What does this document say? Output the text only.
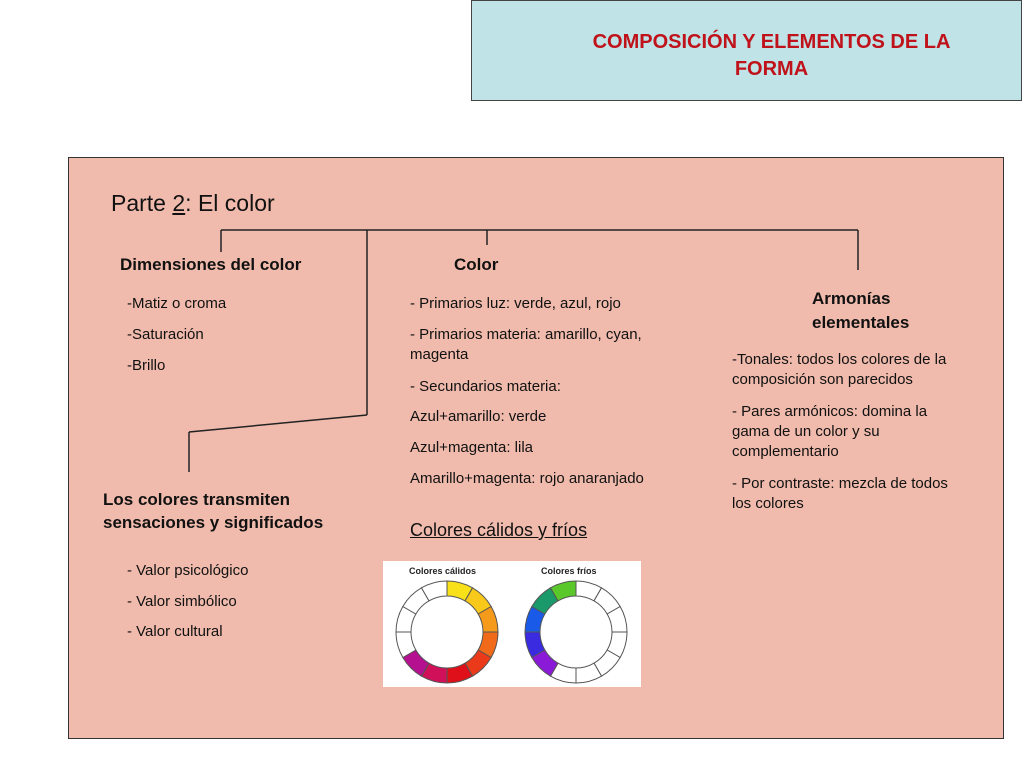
COMPOSICIÓN Y ELEMENTOS DE LA
FORMA
Parte 2: El color
Dimensiones del color
-Matiz o croma
-Saturación
-Brillo
Color
- Primarios luz: verde, azul, rojo
- Primarios materia: amarillo, cyan, magenta
- Secundarios materia:
Azul+amarillo: verde
Azul+magenta: lila
Amarillo+magenta: rojo anaranjado
Colores cálidos y fríos
Armonías
elementales
-Tonales: todos los colores de la composición son parecidos
- Pares armónicos: domina la gama de un color y su complementario
- Por contraste: mezcla de todos los colores
Los colores transmiten
sensaciones y significados
- Valor psicológico
- Valor simbólico
- Valor cultural
Colores cálidos	Colores fríos
